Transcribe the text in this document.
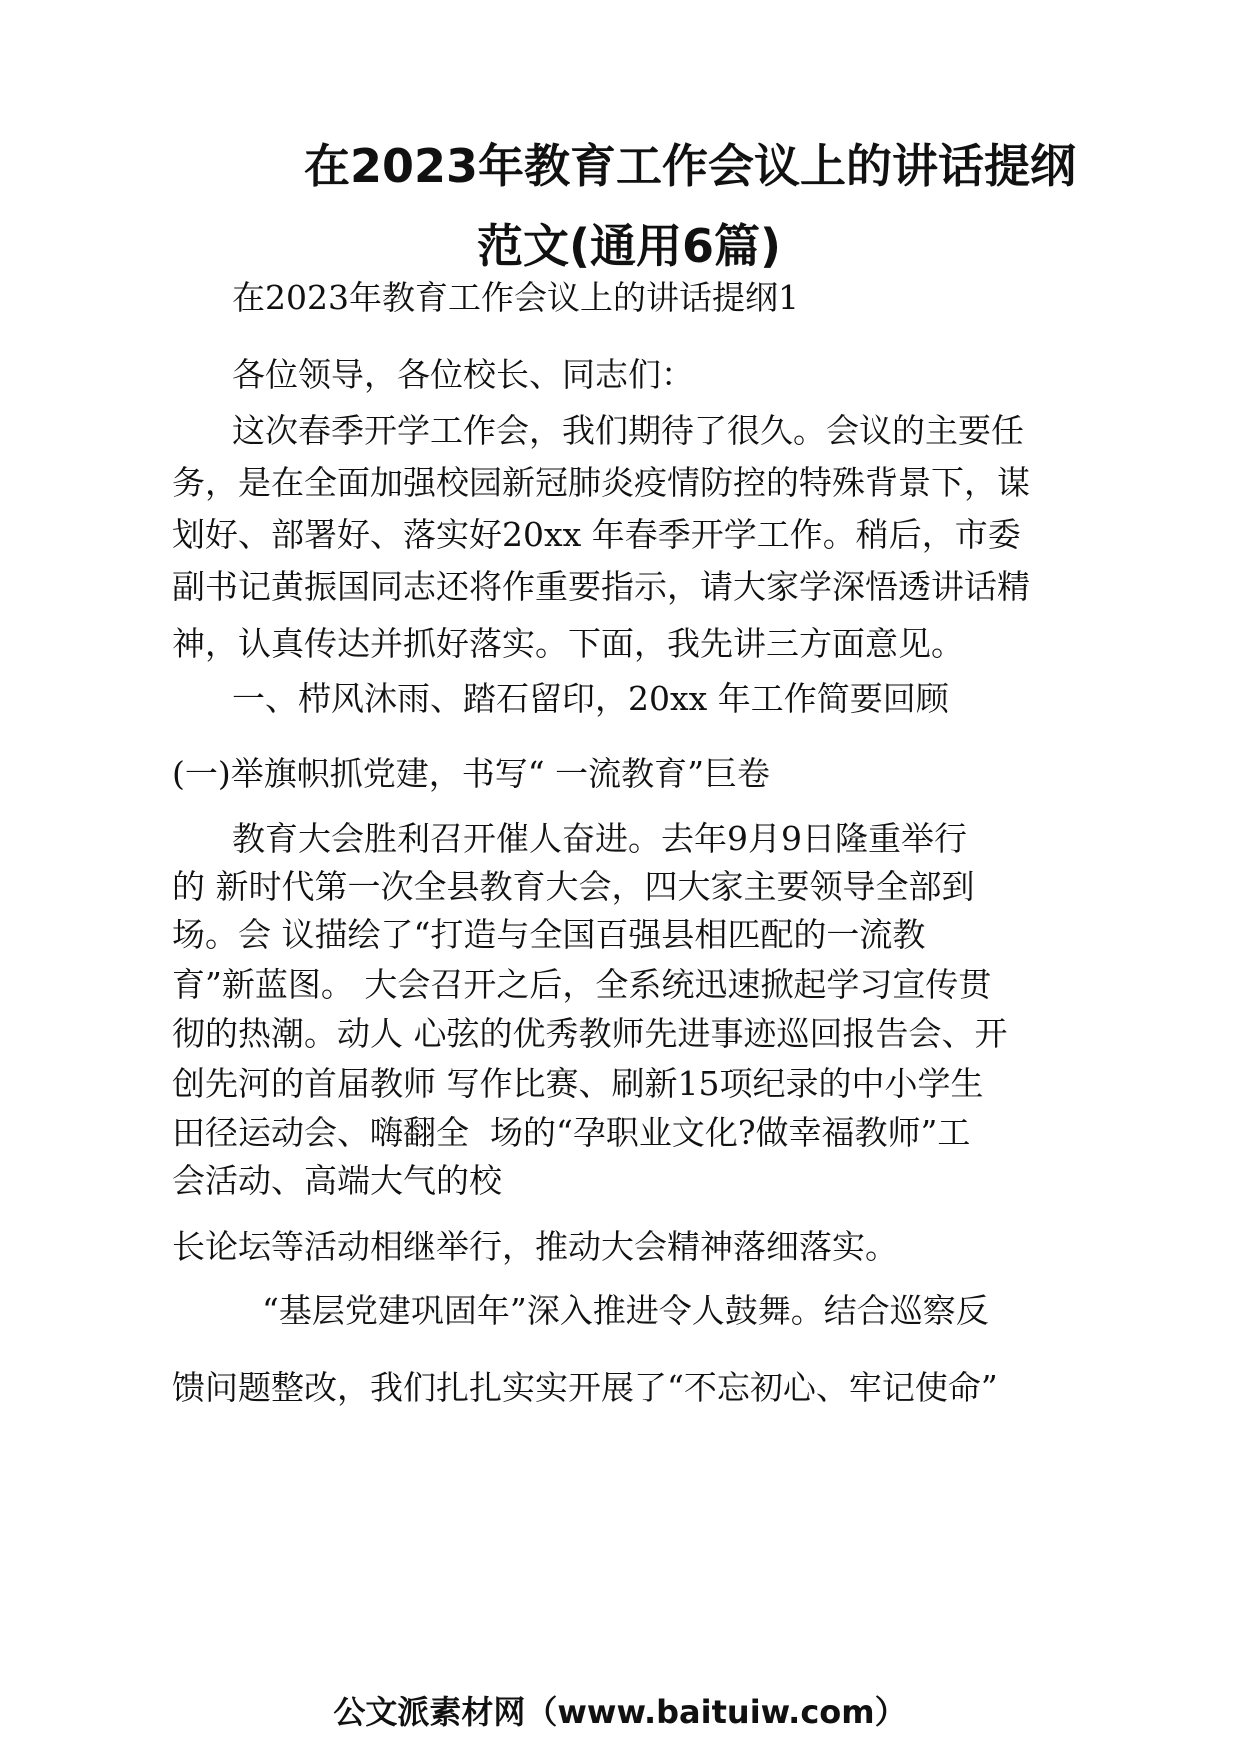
在2023年教育工作会议上的讲话提纲
范文(通用6篇)
在2023年教育工作会议上的讲话提纲1
各位领导，各位校长、同志们：
这次春季开学工作会，我们期待了很久。会议的主要任
务，是在全面加强校园新冠肺炎疫情防控的特殊背景下，谋
划好、部署好、落实好20xx 年春季开学工作。稍后，市委
副书记黄振国同志还将作重要指示，请大家学深悟透讲话精
神，认真传达并抓好落实。下面，我先讲三方面意见。
一、栉风沐雨、踏石留印，20xx 年工作简要回顾
(一)举旗帜抓党建，书写“ 一流教育”巨卷
教育大会胜利召开催人奋进。去年9月9日隆重举行
的 新时代第一次全县教育大会，四大家主要领导全部到
场。会 议描绘了“打造与全国百强县相匹配的一流教
育”新蓝图。 大会召开之后，全系统迅速掀起学习宣传贯
彻的热潮。动人 心弦的优秀教师先进事迹巡回报告会、开
创先河的首届教师 写作比赛、刷新15项纪录的中小学生
田径运动会、嗨翻全  场的“孕职业文化?做幸福教师”工
会活动、高端大气的校
长论坛等活动相继举行，推动大会精神落细落实。
“基层党建巩固年”深入推进令人鼓舞。结合巡察反
馈问题整改，我们扎扎实实开展了“不忘初心、牢记使命”
公文派素材网（www.baituiw.com）
